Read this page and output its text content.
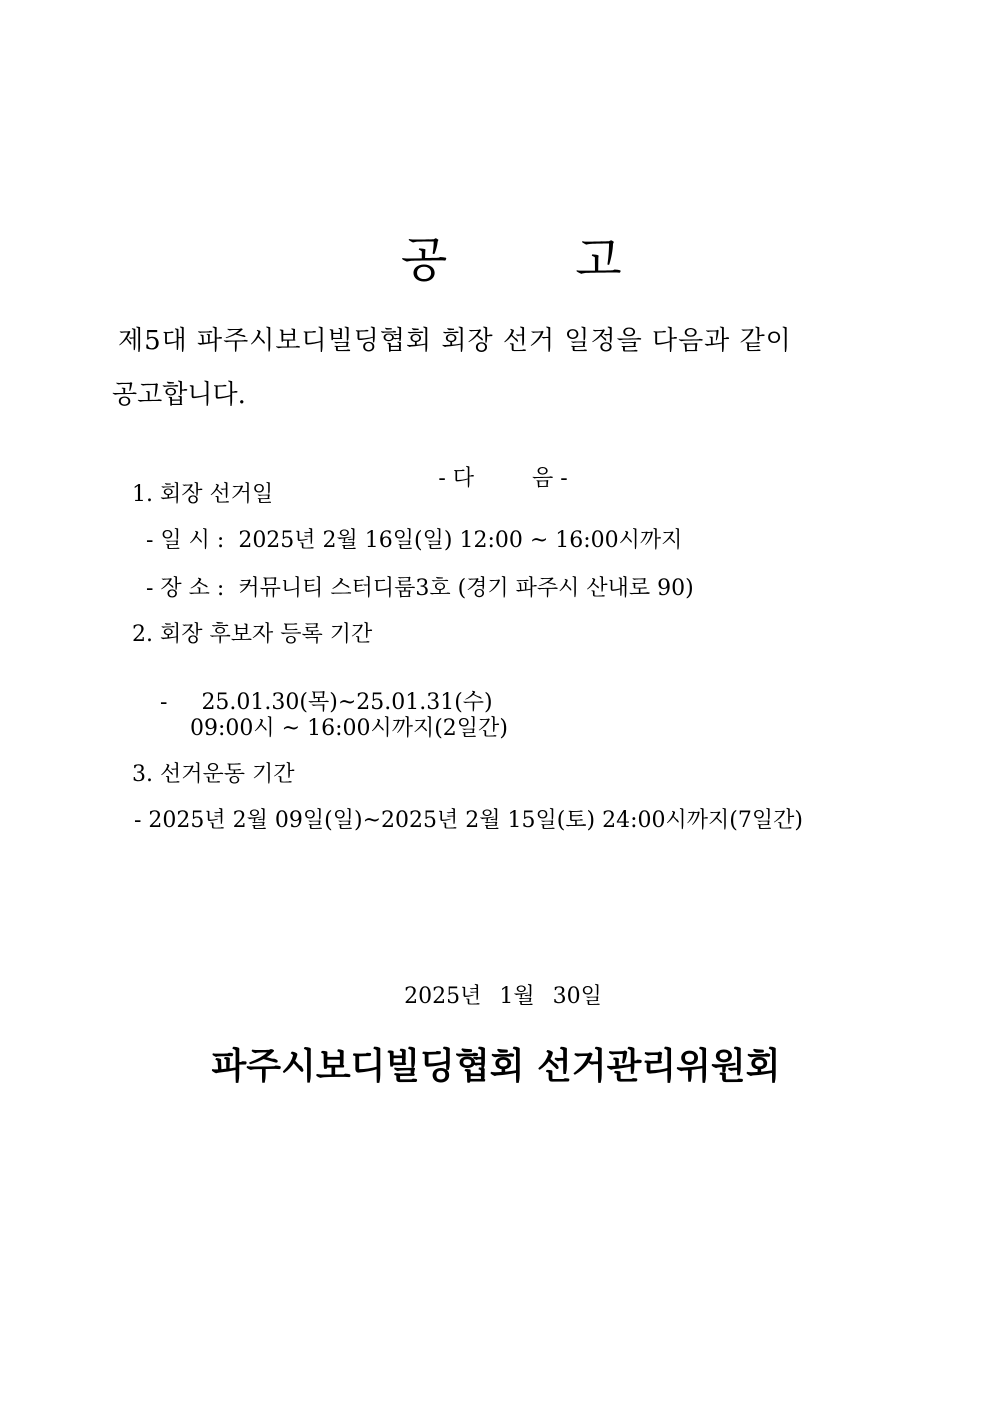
공	고

제5대 파주시보디빌딩협회 회장 선거 일정을 다음과 같이
공고합니다.

- 다	음 -

1. 회장 선거일
- 일 시 :  2025년 2월 16일(일) 12:00 ~ 16:00시까지
- 장 소 :  커뮤니티 스터디룸3호 (경기 파주시 산내로 90)
2. 회장 후보자 등록 기간

- 25.01.30(목)~25.01.31(수)

09:00시 ~ 16:00시까지(2일간)
3. 선거운동 기간
- 2025년 2월 09일(일)~2025년 2월 15일(토) 24:00시까지(7일간)

2025년 1월 30일

파주시보디빌딩협회 선거관리위원회
